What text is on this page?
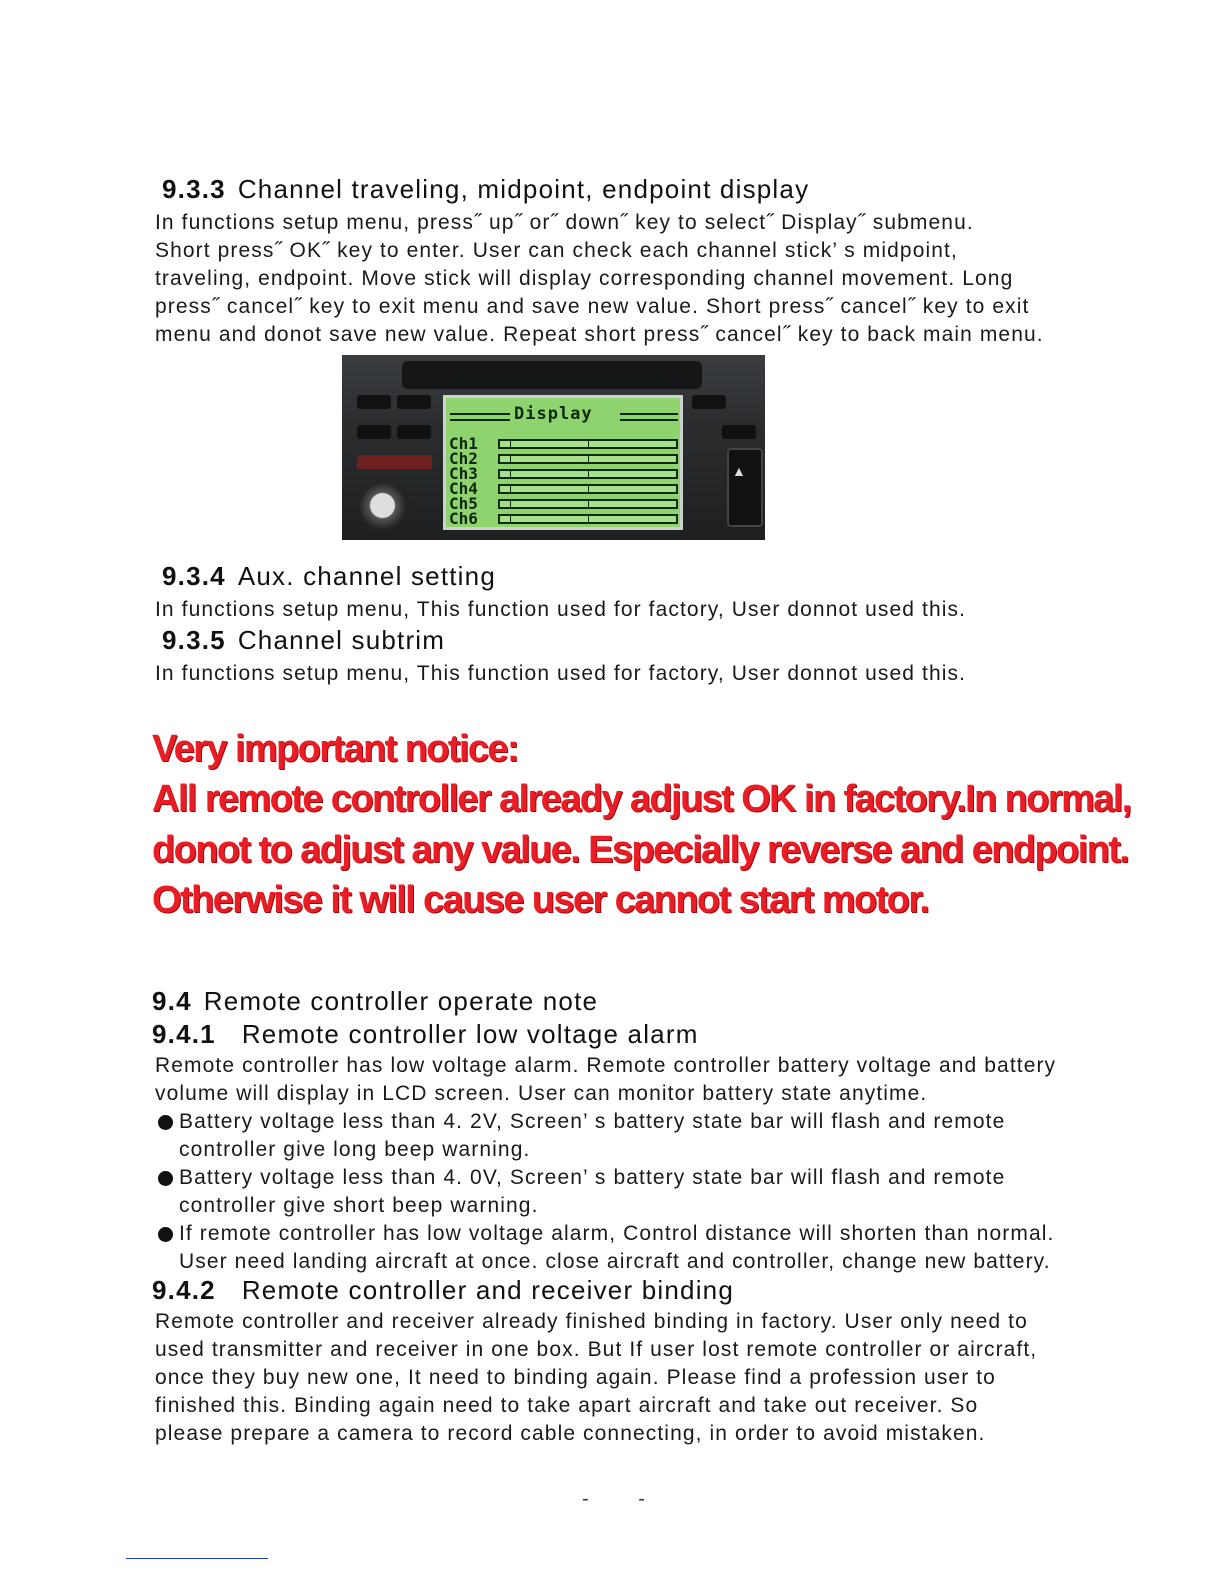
9.3.3 Channel traveling, midpoint, endpoint display

In functions setup menu, press˝ up˝ or˝ down˝ key to select˝ Display˝ submenu.

Short press˝ OK˝ key to enter. User can check each channel stick’ s midpoint,

traveling, endpoint. Move stick will display corresponding channel movement. Long

press˝ cancel˝ key to exit menu and save new value. Short press˝ cancel˝ key to exit

menu and donot save new value. Repeat short press˝ cancel˝ key to back main menu.

▲
Display
Ch1
Ch2
Ch3
Ch4
Ch5
Ch6
9.3.4 Aux. channel setting

In functions setup menu, This function used for factory, User donnot used this.

9.3.5 Channel subtrim

In functions setup menu, This function used for factory, User donnot used this.

Very important notice:
All remote controller already adjust OK in factory.In normal,
donot to adjust any value. Especially reverse and endpoint.
Otherwise it will cause user cannot start motor.
9.4 Remote controller operate note
9.4.1 Remote controller low voltage alarm

Remote controller has low voltage alarm. Remote controller battery voltage and battery

volume will display in LCD screen. User can monitor battery state anytime.

Battery voltage less than 4. 2V, Screen’ s battery state bar will flash and remote

controller give long beep warning.

Battery voltage less than 4. 0V, Screen’ s battery state bar will flash and remote

controller give short beep warning.

If remote controller has low voltage alarm, Control distance will shorten than normal.

User need landing aircraft at once. close aircraft and controller, change new battery.

9.4.2 Remote controller and receiver binding

Remote controller and receiver already finished binding in factory. User only need to

used transmitter and receiver in one box. But If user lost remote controller or aircraft,

once they buy new one, It need to binding again. Please find a profession user to

finished this. Binding again need to take apart aircraft and take out receiver. So

please prepare a camera to record cable connecting, in order to avoid mistaken.

- -
